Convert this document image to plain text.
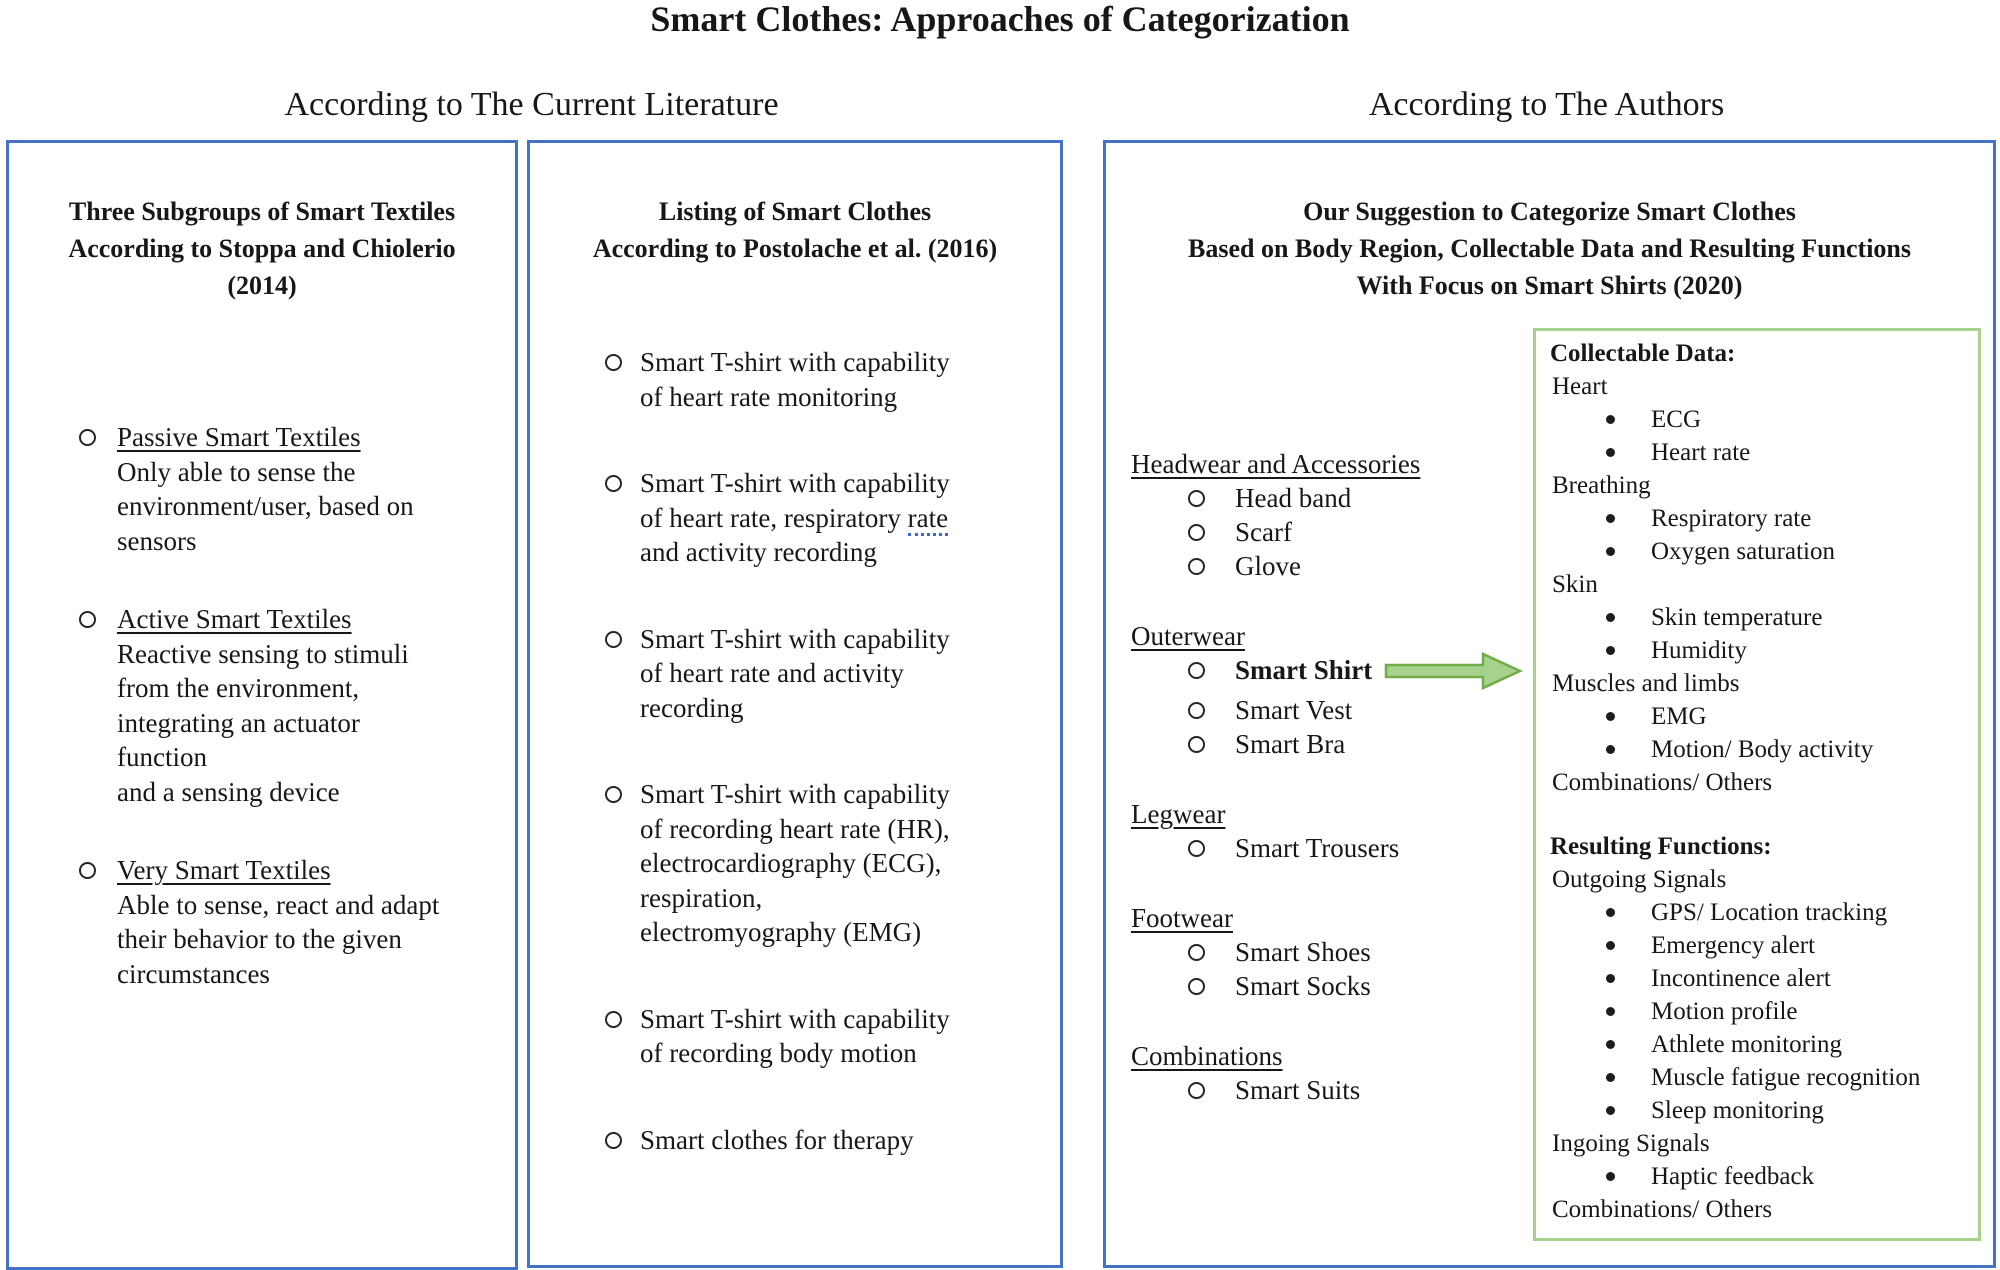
Smart Clothes: Approaches of Categorization
According to The Current Literature	According to The Authors
Three Subgroups of Smart Textiles
According to Stoppa and Chiolerio
(2014)
Passive Smart Textiles
Only able to sense the
environment/user, based on
sensors
Active Smart Textiles
Reactive sensing to stimuli
from the environment,
integrating an actuator
function
and a sensing device
Very Smart Textiles
Able to sense, react and adapt
their behavior to the given
circumstances
Listing of Smart Clothes
According to Postolache et al. (2016)
Smart T-shirt with capability
of heart rate monitoring
Smart T-shirt with capability
of heart rate, respiratory rate
and activity recording
Smart T-shirt with capability
of heart rate and activity
recording
Smart T-shirt with capability
of recording heart rate (HR),
electrocardiography (ECG),
respiration,
electromyography (EMG)
Smart T-shirt with capability
of recording body motion
Smart clothes for therapy
Our Suggestion to Categorize Smart Clothes
Based on Body Region, Collectable Data and Resulting Functions
With Focus on Smart Shirts (2020)
Headwear and Accessories
Head band
Scarf
Glove
Outerwear
Smart Shirt
Smart Vest
Smart Bra
Legwear
Smart Trousers
Footwear
Smart Shoes
Smart Socks
Combinations
Smart Suits
Collectable Data:
Heart
ECG
Heart rate
Breathing
Respiratory rate
Oxygen saturation
Skin
Skin temperature
Humidity
Muscles and limbs
EMG
Motion/ Body activity
Combinations/ Others
Resulting Functions:
Outgoing Signals
GPS/ Location tracking
Emergency alert
Incontinence alert
Motion profile
Athlete monitoring
Muscle fatigue recognition
Sleep monitoring
Ingoing Signals
Haptic feedback
Combinations/ Others
